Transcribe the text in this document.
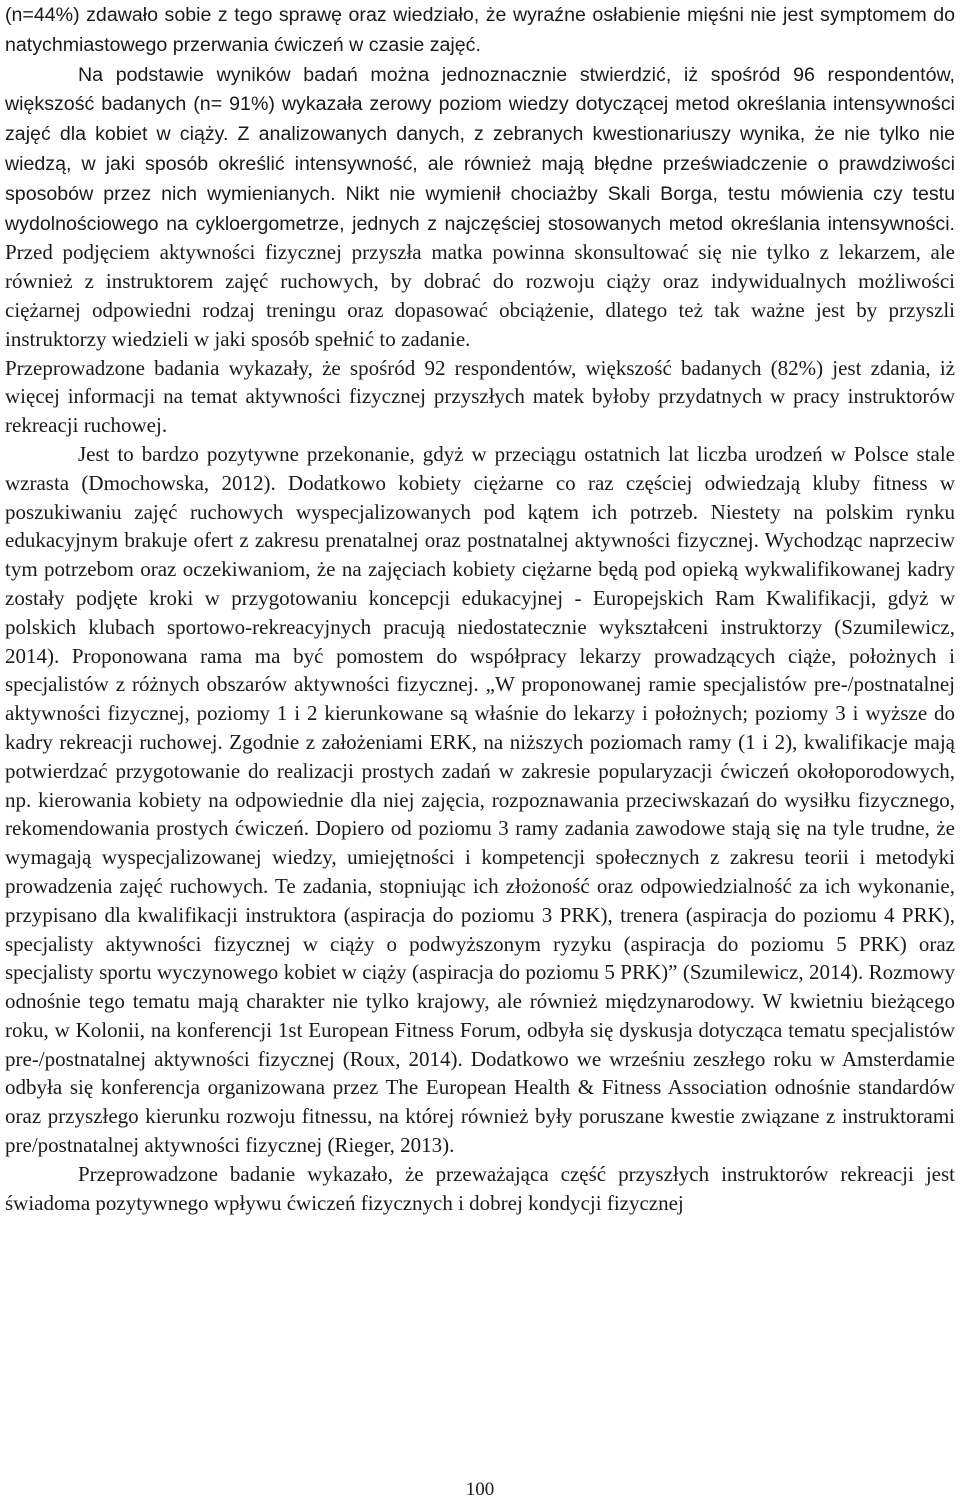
(n=44%) zdawało sobie z tego sprawę oraz wiedziało, że wyraźne osłabienie mięśni nie jest symptomem do natychmiastowego przerwania ćwiczeń w czasie zajęć.

Na podstawie wyników badań można jednoznacznie stwierdzić, iż spośród 96 respondentów, większość badanych (n= 91%) wykazała zerowy poziom wiedzy dotyczącej metod określania intensywności zajęć dla kobiet w ciąży. Z analizowanych danych, z zebranych kwestionariuszy wynika, że nie tylko nie wiedzą, w jaki sposób określić intensywność, ale również mają błędne przeświadczenie o prawdziwości sposobów przez nich wymienianych. Nikt nie wymienił chociażby Skali Borga, testu mówienia czy testu wydolnościowego na cykloergometrze, jednych z najczęściej stosowanych metod określania intensywności. Przed podjęciem aktywności fizycznej przyszła matka powinna skonsultować się nie tylko z lekarzem, ale również z instruktorem zajęć ruchowych, by dobrać do rozwoju ciąży oraz indywidualnych możliwości ciężarnej odpowiedni rodzaj treningu oraz dopasować obciążenie, dlatego też tak ważne jest by przyszli instruktorzy wiedzieli w jaki sposób spełnić to zadanie.

Przeprowadzone badania wykazały, że spośród 92 respondentów, większość badanych (82%) jest zdania, iż więcej informacji na temat aktywności fizycznej przyszłych matek byłoby przydatnych w pracy instruktorów rekreacji ruchowej.

Jest to bardzo pozytywne przekonanie, gdyż w przeciągu ostatnich lat liczba urodzeń w Polsce stale wzrasta (Dmochowska, 2012). Dodatkowo kobiety ciężarne co raz częściej odwiedzają kluby fitness w poszukiwaniu zajęć ruchowych wyspecjalizowanych pod kątem ich potrzeb. Niestety na polskim rynku edukacyjnym brakuje ofert z zakresu prenatalnej oraz postnatalnej aktywności fizycznej. Wychodząc naprzeciw tym potrzebom oraz oczekiwaniom, że na zajęciach kobiety ciężarne będą pod opieką wykwalifikowanej kadry zostały podjęte kroki w przygotowaniu koncepcji edukacyjnej - Europejskich Ram Kwalifikacji, gdyż w polskich klubach sportowo-rekreacyjnych pracują niedostatecznie wykształceni instruktorzy (Szumilewicz, 2014). Proponowana rama ma być pomostem do współpracy lekarzy prowadzących ciąże, położnych i specjalistów z różnych obszarów aktywności fizycznej. „W proponowanej ramie specjalistów pre-/postnatalnej aktywności fizycznej, poziomy 1 i 2 kierunkowane są właśnie do lekarzy i położnych; poziomy 3 i wyższe do kadry rekreacji ruchowej. Zgodnie z założeniami ERK, na niższych poziomach ramy (1 i 2), kwalifikacje mają potwierdzać przygotowanie do realizacji prostych zadań w zakresie popularyzacji ćwiczeń okołoporodowych, np. kierowania kobiety na odpowiednie dla niej zajęcia, rozpoznawania przeciwskazań do wysiłku fizycznego, rekomendowania prostych ćwiczeń. Dopiero od poziomu 3 ramy zadania zawodowe stają się na tyle trudne, że wymagają wyspecjalizowanej wiedzy, umiejętności i kompetencji społecznych z zakresu teorii i metodyki prowadzenia zajęć ruchowych. Te zadania, stopniując ich złożoność oraz odpowiedzialność za ich wykonanie, przypisano dla kwalifikacji instruktora (aspiracja do poziomu 3 PRK), trenera (aspiracja do poziomu 4 PRK), specjalisty aktywności fizycznej w ciąży o podwyższonym ryzyku (aspiracja do poziomu 5 PRK) oraz specjalisty sportu wyczynowego kobiet w ciąży (aspiracja do poziomu 5 PRK)” (Szumilewicz, 2014). Rozmowy odnośnie tego tematu mają charakter nie tylko krajowy, ale również międzynarodowy. W kwietniu bieżącego roku, w Kolonii, na konferencji 1st European Fitness Forum, odbyła się dyskusja dotycząca tematu specjalistów pre-/postnatalnej aktywności fizycznej (Roux, 2014). Dodatkowo we wrześniu zeszłego roku w Amsterdamie odbyła się konferencja organizowana przez The European Health & Fitness Association odnośnie standardów oraz przyszłego kierunku rozwoju fitnessu, na której również były poruszane kwestie związane z instruktorami pre/postnatalnej aktywności fizycznej (Rieger, 2013).

Przeprowadzone badanie wykazało, że przeważająca część przyszłych instruktorów rekreacji jest świadoma pozytywnego wpływu ćwiczeń fizycznych i dobrej kondycji fizycznej

100
